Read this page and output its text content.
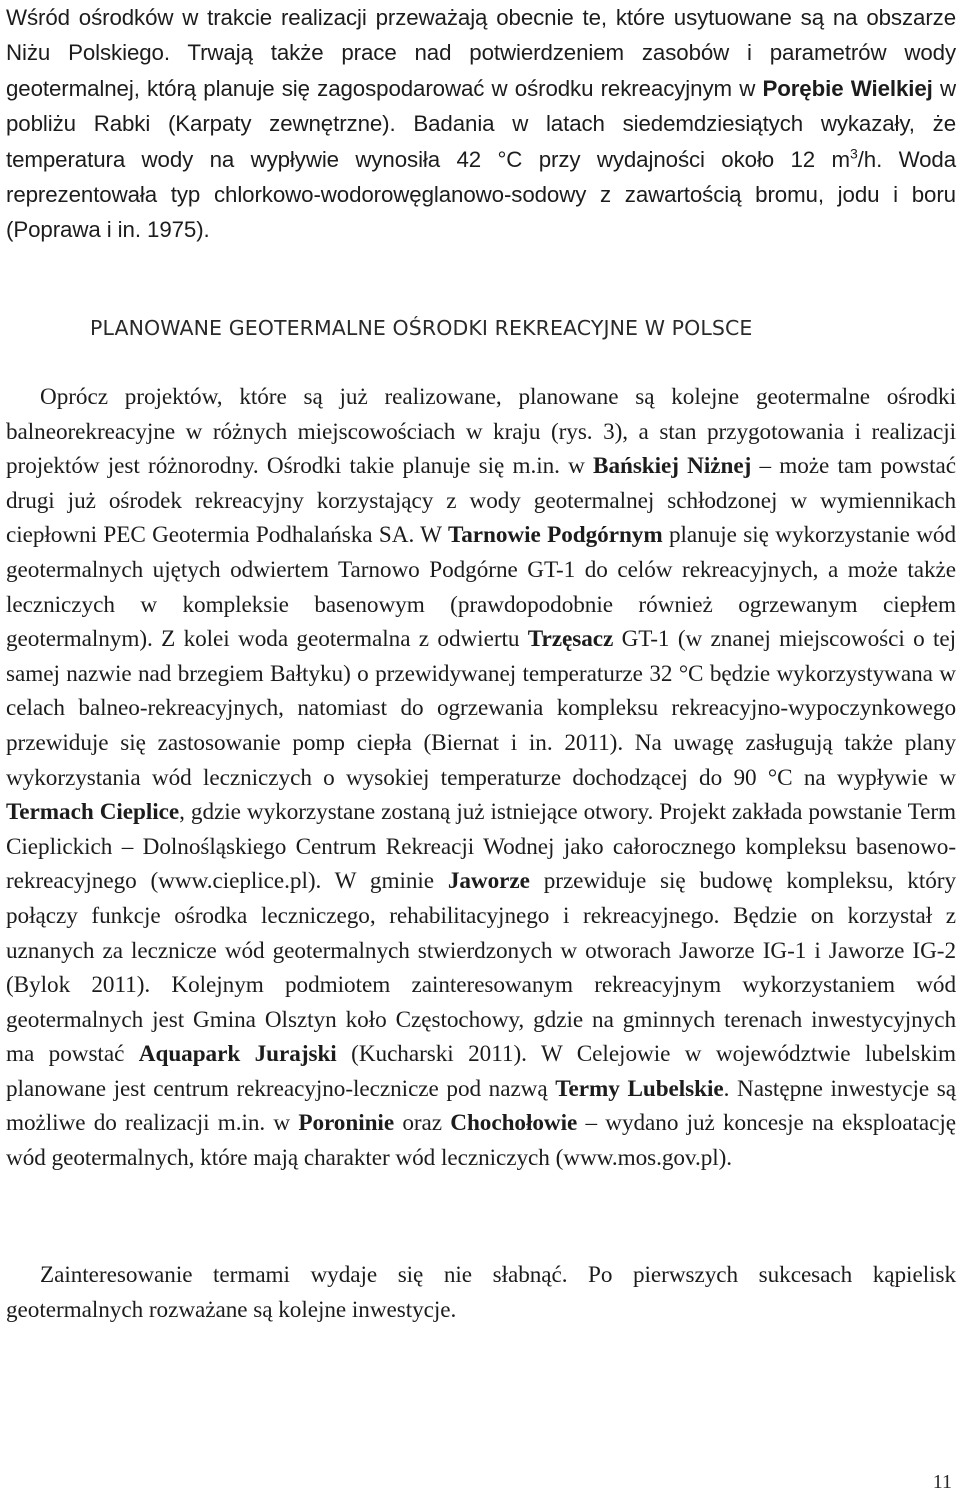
Wśród ośrodków w trakcie realizacji przeważają obecnie te, które usytuowane są na obszarze Niżu Polskiego. Trwają także prace nad potwierdzeniem zasobów i parametrów wody geotermalnej, którą planuje się zagospodarować w ośrodku rekreacyjnym w Porębie Wielkiej w pobliżu Rabki (Karpaty zewnętrzne). Badania w latach siedemdziesiątych wykazały, że temperatura wody na wypływie wynosiła 42 °C przy wydajności około 12 $m^3/h$. Woda reprezentowała typ chlorkowo-wodorowęglanowo-sodowy z zawartością bromu, jodu i boru (Poprawa i in. 1975).

PLANOWANE GEOTERMALNE OŚRODKI REKREACYJNE W POLSCE

Oprócz projektów, które są już realizowane, planowane są kolejne geotermalne ośrodki balneorekreacyjne w różnych miejscowościach w kraju (rys. 3), a stan przygotowania i realizacji projektów jest różnorodny. Ośrodki takie planuje się m.in. w Bańskiej Niżnej – może tam powstać drugi już ośrodek rekreacyjny korzystający z wody geotermalnej schłodzonej w wymiennikach ciepłowni PEC Geotermia Podhalańska SA. W Tarnowie Podgórnym planuje się wykorzystanie wód geotermalnych ujętych odwiertem Tarnowo Podgórne GT-1 do celów rekreacyjnych, a może także leczniczych w kompleksie basenowym (prawdopodobnie również ogrzewanym ciepłem geotermalnym). Z kolei woda geotermalna z odwiertu Trzęsacz GT-1 (w znanej miejscowości o tej samej nazwie nad brzegiem Bałtyku) o przewidywanej temperaturze 32 °C będzie wykorzystywana w celach balneo-rekreacyjnych, natomiast do ogrzewania kompleksu rekreacyjno-wypoczynkowego przewiduje się zastosowanie pomp ciepła (Biernat i in. 2011). Na uwagę zasługują także plany wykorzystania wód leczniczych o wysokiej temperaturze dochodzącej do 90 °C na wypływie w Termach Cieplice, gdzie wykorzystane zostaną już istniejące otwory. Projekt zakłada powstanie Term Cieplickich – Dolnośląskiego Centrum Rekreacji Wodnej jako całorocznego kompleksu basenowo-rekreacyjnego (www.cieplice.pl). W gminie Jaworze przewiduje się budowę kompleksu, który połączy funkcje ośrodka leczniczego, rehabilitacyjnego i rekreacyjnego. Będzie on korzystał z uznanych za lecznicze wód geotermalnych stwierdzonych w otworach Jaworze IG-1 i Jaworze IG-2 (Bylok 2011). Kolejnym podmiotem zainteresowanym rekreacyjnym wykorzystaniem wód geotermalnych jest Gmina Olsztyn koło Częstochowy, gdzie na gminnych terenach inwestycyjnych ma powstać Aquapark Jurajski (Kucharski 2011). W Celejowie w województwie lubelskim planowane jest centrum rekreacyjno-lecznicze pod nazwą Termy Lubelskie. Następne inwestycje są możliwe do realizacji m.in. w Poroninie oraz Chochołowie – wydano już koncesje na eksploatację wód geotermalnych, które mają charakter wód leczniczych (www.mos.gov.pl).

Zainteresowanie termami wydaje się nie słabnąć. Po pierwszych sukcesach kąpielisk geotermalnych rozważane są kolejne inwestycje.

11
